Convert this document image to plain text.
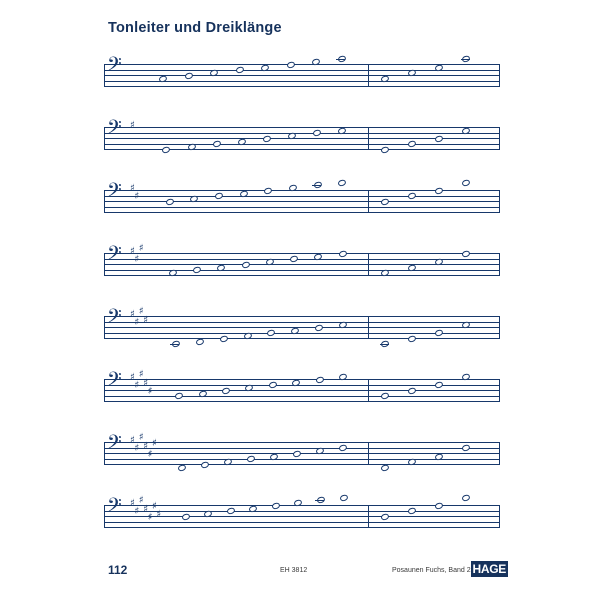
Tonleiter und Dreiklänge
𝄢
𝄢 ♯
𝄢 ♯
♯
𝄢 ♯
♯
♯
𝄢 ♯
♯
♯
♯
𝄢 ♯
♯
♯
♯
♯
𝄢 ♯
♯
♯
♯
♯
♯
𝄢 ♯
♯
♯
♯
♯
♯
♯
112	EH 3812	Posaunen Fuchs, Band 2 HAGE
